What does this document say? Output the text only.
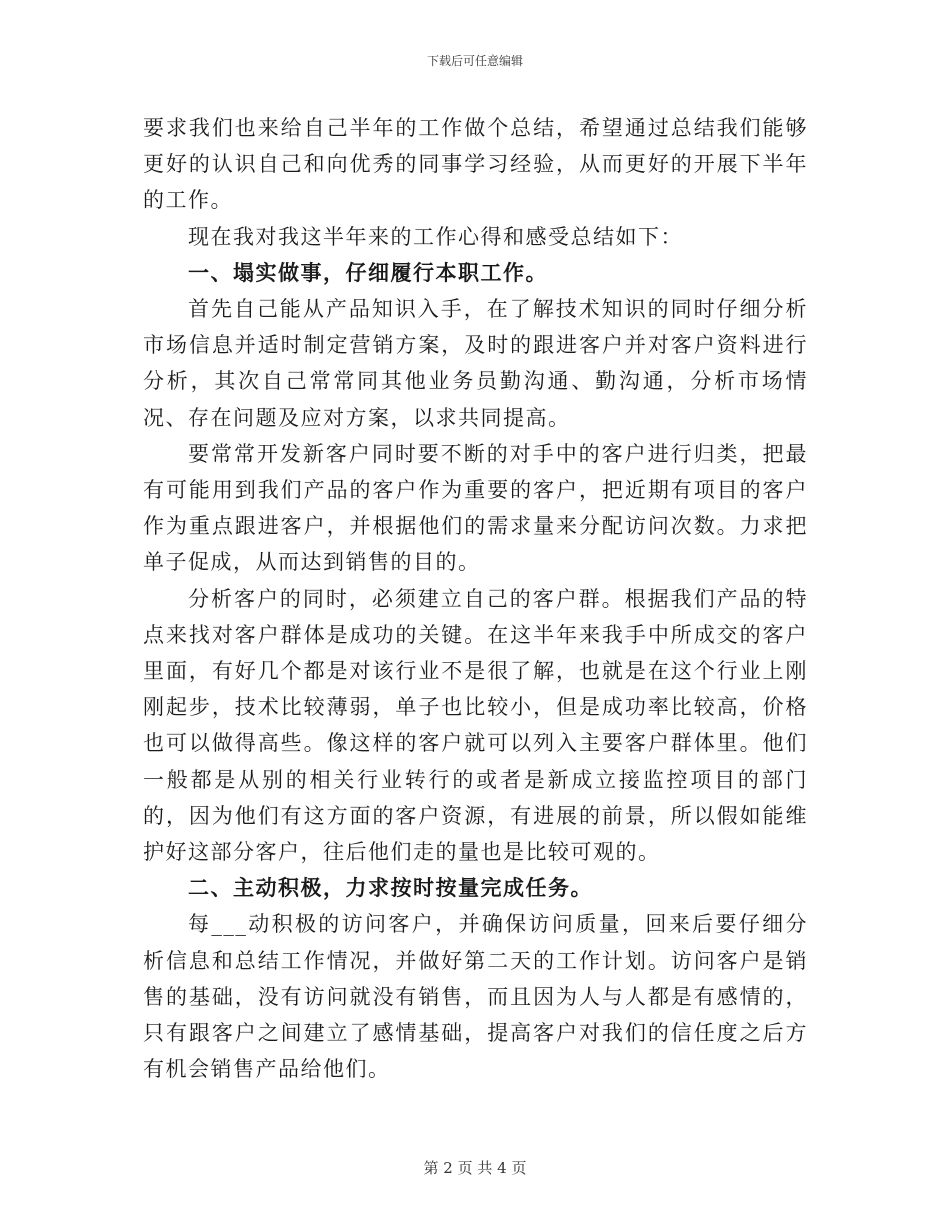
下载后可任意编辑

要求我们也来给自己半年的工作做个总结，希望通过总结我们能够更好的认识自己和向优秀的同事学习经验，从而更好的开展下半年的工作。

现在我对我这半年来的工作心得和感受总结如下：

一、塌实做事，仔细履行本职工作。

首先自己能从产品知识入手，在了解技术知识的同时仔细分析市场信息并适时制定营销方案，及时的跟进客户并对客户资料进行分析，其次自己常常同其他业务员勤沟通、勤沟通，分析市场情况、存在问题及应对方案，以求共同提高。

要常常开发新客户同时要不断的对手中的客户进行归类，把最有可能用到我们产品的客户作为重要的客户，把近期有项目的客户作为重点跟进客户，并根据他们的需求量来分配访问次数。力求把单子促成，从而达到销售的目的。

分析客户的同时，必须建立自己的客户群。根据我们产品的特点来找对客户群体是成功的关键。在这半年来我手中所成交的客户里面，有好几个都是对该行业不是很了解，也就是在这个行业上刚刚起步，技术比较薄弱，单子也比较小，但是成功率比较高，价格也可以做得高些。像这样的客户就可以列入主要客户群体里。他们一般都是从别的相关行业转行的或者是新成立接监控项目的部门的，因为他们有这方面的客户资源，有进展的前景，所以假如能维护好这部分客户，往后他们走的量也是比较可观的。

二、主动积极，力求按时按量完成任务。

每___动积极的访问客户，并确保访问质量，回来后要仔细分析信息和总结工作情况，并做好第二天的工作计划。访问客户是销售的基础，没有访问就没有销售，而且因为人与人都是有感情的，只有跟客户之间建立了感情基础，提高客户对我们的信任度之后方有机会销售产品给他们。

第 2 页 共 4 页
